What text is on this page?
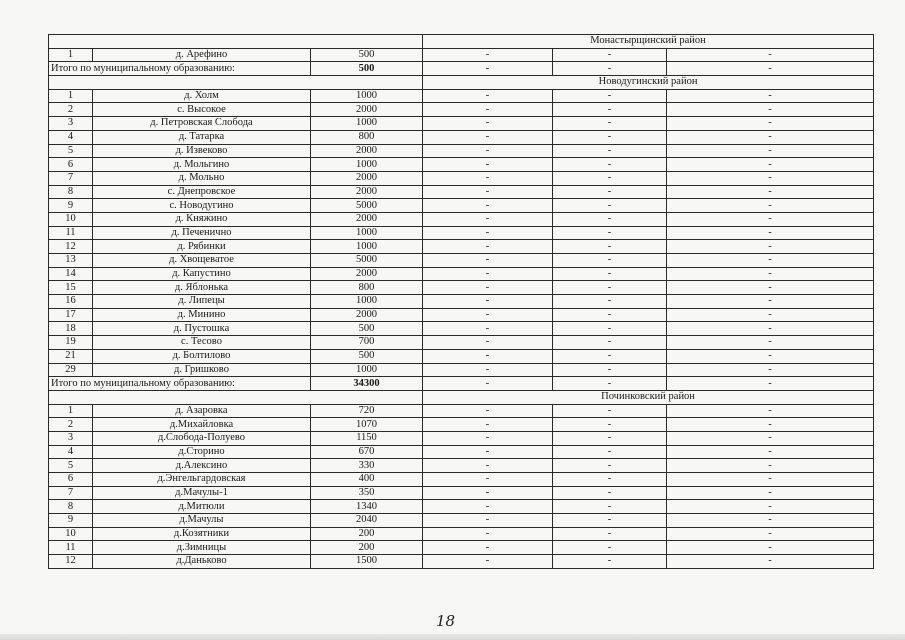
			Монастырщинский район		
1	д. Арефино	500	-	-	-
Итого по муниципальному образованию:		500	-	-	-
			Новодугинский район		
1	д. Холм	1000	-	-	-
2	с. Высокое	2000	-	-	-
3	д. Петровская Слобода	1000	-	-	-
4	д. Татарка	800	-	-	-
5	д. Извеково	2000	-	-	-
6	д. Мольгино	1000	-	-	-
7	д. Мольно	2000	-	-	-
8	с. Днепровское	2000	-	-	-
9	с. Новодугино	5000	-	-	-
10	д. Княжино	2000	-	-	-
11	д. Печенично	1000	-	-	-
12	д. Рябинки	1000	-	-	-
13	д. Хвощеватое	5000	-	-	-
14	д. Капустино	2000	-	-	-
15	д. Яблонька	800	-	-	-
16	д. Липецы	1000	-	-	-
17	д. Минино	2000	-	-	-
18	д. Пустошка	500	-	-	-
19	с. Тесово	700	-	-	-
21	д. Болтилово	500	-	-	-
29	д. Гришково	1000	-	-	-
Итого по муниципальному образованию:		34300	-	-	-
			Починковский район		
1	д. Азаровка	720	-	-	-
2	д.Михайловка	1070	-	-	-
3	д.Слобода-Полуево	1150	-	-	-
4	д.Сторино	670	-	-	-
5	д.Алексино	330	-	-	-
6	д.Энгельгардовская	400	-	-	-
7	д.Мачулы-1	350	-	-	-
8	д.Митюли	1340	-	-	-
9	д.Мачулы	2040	-	-	-
10	д.Козятники	200	-	-	-
11	д.Зимницы	200	-	-	-
12	д.Даньково	1500	-	-	-
18
